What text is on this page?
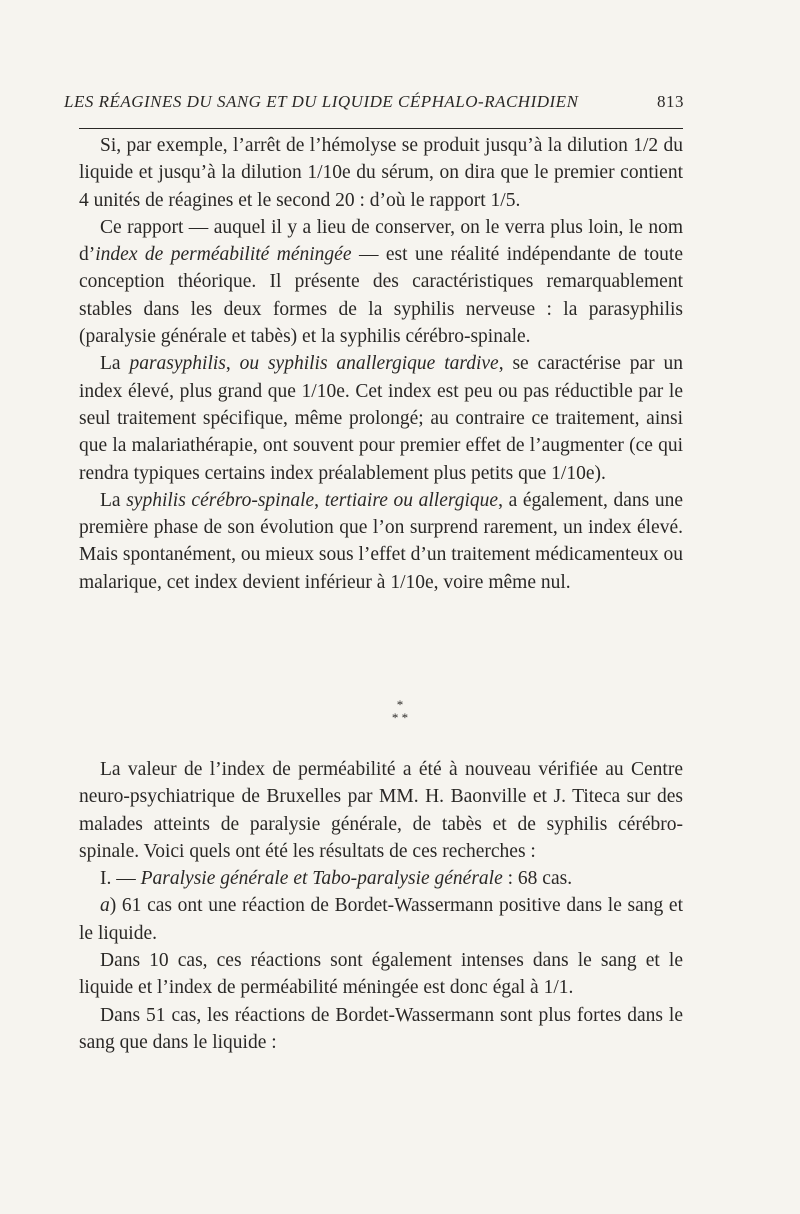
LES RÉAGINES DU SANG ET DU LIQUIDE CÉPHALO-RACHIDIEN	813

Si, par exemple, l’arrêt de l’hémolyse se produit jusqu’à la dilution 1/2 du liquide et jusqu’à la dilution 1/10e du sérum, on dira que le premier contient 4 unités de réagines et le second 20 : d’où le rapport 1/5.

Ce rapport — auquel il y a lieu de conserver, on le verra plus loin, le nom d’index de perméabilité méningée — est une réalité indépendante de toute conception théorique. Il présente des caractéristiques remarquablement stables dans les deux formes de la syphilis nerveuse : la parasyphilis (paralysie générale et tabès) et la syphilis cérébro-spinale.

La parasyphilis, ou syphilis anallergique tardive, se caractérise par un index élevé, plus grand que 1/10e. Cet index est peu ou pas réductible par le seul traitement spécifique, même prolongé; au contraire ce traitement, ainsi que la malariathérapie, ont souvent pour premier effet de l’augmenter (ce qui rendra typiques certains index préalablement plus petits que 1/10e).

La syphilis cérébro-spinale, tertiaire ou allergique, a également, dans une première phase de son évolution que l’on surprend rarement, un index élevé. Mais spontanément, ou mieux sous l’effet d’un traitement médicamenteux ou malarique, cet index devient inférieur à 1/10e, voire même nul.

*
* *

La valeur de l’index de perméabilité a été à nouveau vérifiée au Centre neuro-psychiatrique de Bruxelles par MM. H. Baonville et J. Titeca sur des malades atteints de paralysie générale, de tabès et de syphilis cérébro-spinale. Voici quels ont été les résultats de ces recherches :

I. — Paralysie générale et Tabo-paralysie générale : 68 cas.

a) 61 cas ont une réaction de Bordet-Wassermann positive dans le sang et le liquide.

Dans 10 cas, ces réactions sont également intenses dans le sang et le liquide et l’index de perméabilité méningée est donc égal à 1/1.

Dans 51 cas, les réactions de Bordet-Wassermann sont plus fortes dans le sang que dans le liquide :
